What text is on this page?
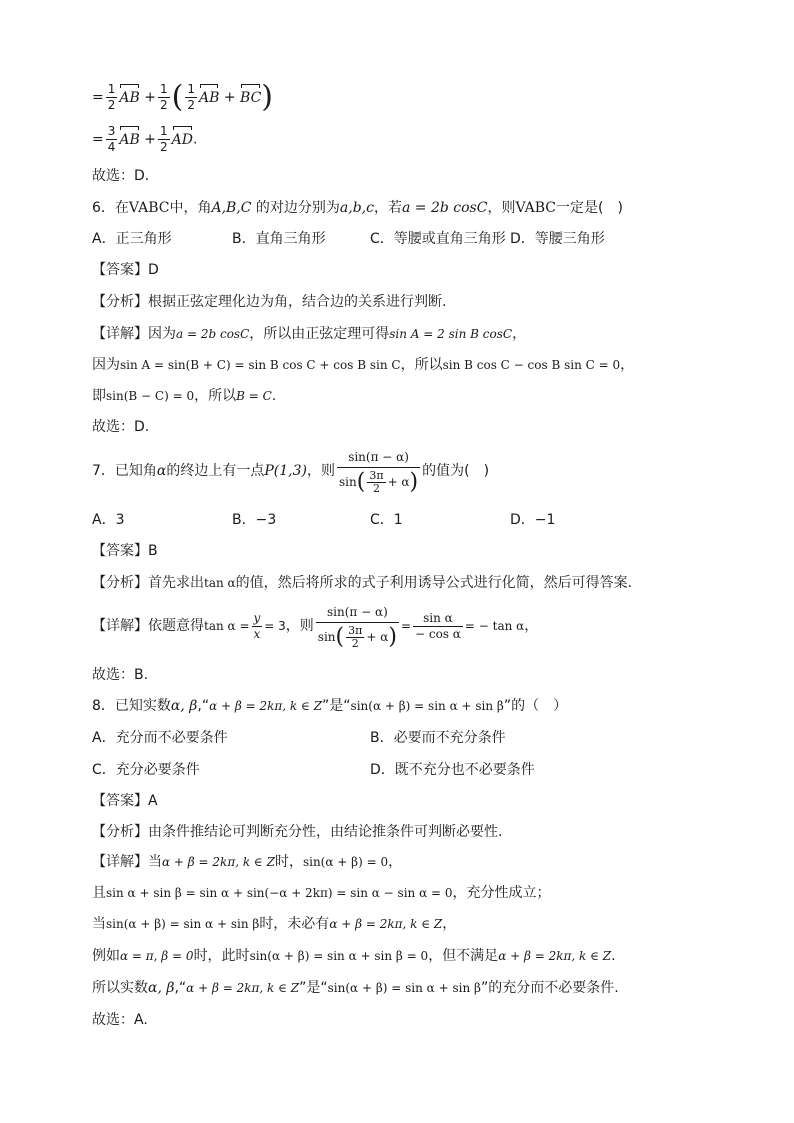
= $\frac{1}{2}$ AB + $\frac{1}{2}$ ( $\frac{1}{2}$ AB + BC)
= $\frac{3}{4}$ AB + $\frac{1}{2}$ AD.
故选：D．
6．在VABC中，角A,B,C 的对边分别为a,b,c，若a = 2b cosC，则VABC一定是(　)
A．正三角形	B．直角三角形	C．等腰或直角三角形 D．等腰三角形
【答案】D
【分析】根据正弦定理化边为角，结合边的关系进行判断.
【详解】因为a = 2b cosC，所以由正弦定理可得sin A = 2 sin B cosC，
因为sin A = sin(B + C) = sin B cos C + cos B sin C，所以sin B cos C − cos B sin C = 0，
即sin(B − C) = 0，所以B = C.
故选：D.
7．已知角α的终边上有一点P(1,3)，则 $\frac{\sin(\pi - \alpha)}{\sin( \frac{3\pi}{2} + \alpha)}$ 的值为(　)
A．3	B．−3	C．1	D．−1
【答案】B
【分析】首先求出tan α的值，然后将所求的式子利用诱导公式进行化简，然后可得答案.
【详解】依题意得$\tan \alpha = \frac{y}{x} = 3$，则 $\frac{\sin(\pi - \alpha)}{\sin( \frac{3\pi}{2} + \alpha)} = \frac{\text{sin α}}{\text{− cos α}}$ = − tan α，
故选：B.
8．已知实数α, β,“α + β = 2kπ, k ∈ Z”是“sin(α + β) = sin α + sin β”的（　）
A．充分而不必要条件	B．必要而不充分条件
C．充分必要条件	D．既不充分也不必要条件
【答案】A
【分析】由条件推结论可判断充分性，由结论推条件可判断必要性.
【详解】当α + β = 2kπ, k ∈ Z时，sin(α + β) = 0，
且sin α + sin β = sin α + sin(−α + 2kπ) = sin α − sin α = 0，充分性成立；
当sin(α + β) = sin α + sin β时，未必有α + β = 2kπ, k ∈ Z，
例如α = π, β = 0时，此时sin(α + β) = sin α + sin β = 0，但不满足α + β = 2kπ, k ∈ Z.
所以实数α, β,“α + β = 2kπ, k ∈ Z”是“sin(α + β) = sin α + sin β”的充分而不必要条件.
故选：A.
